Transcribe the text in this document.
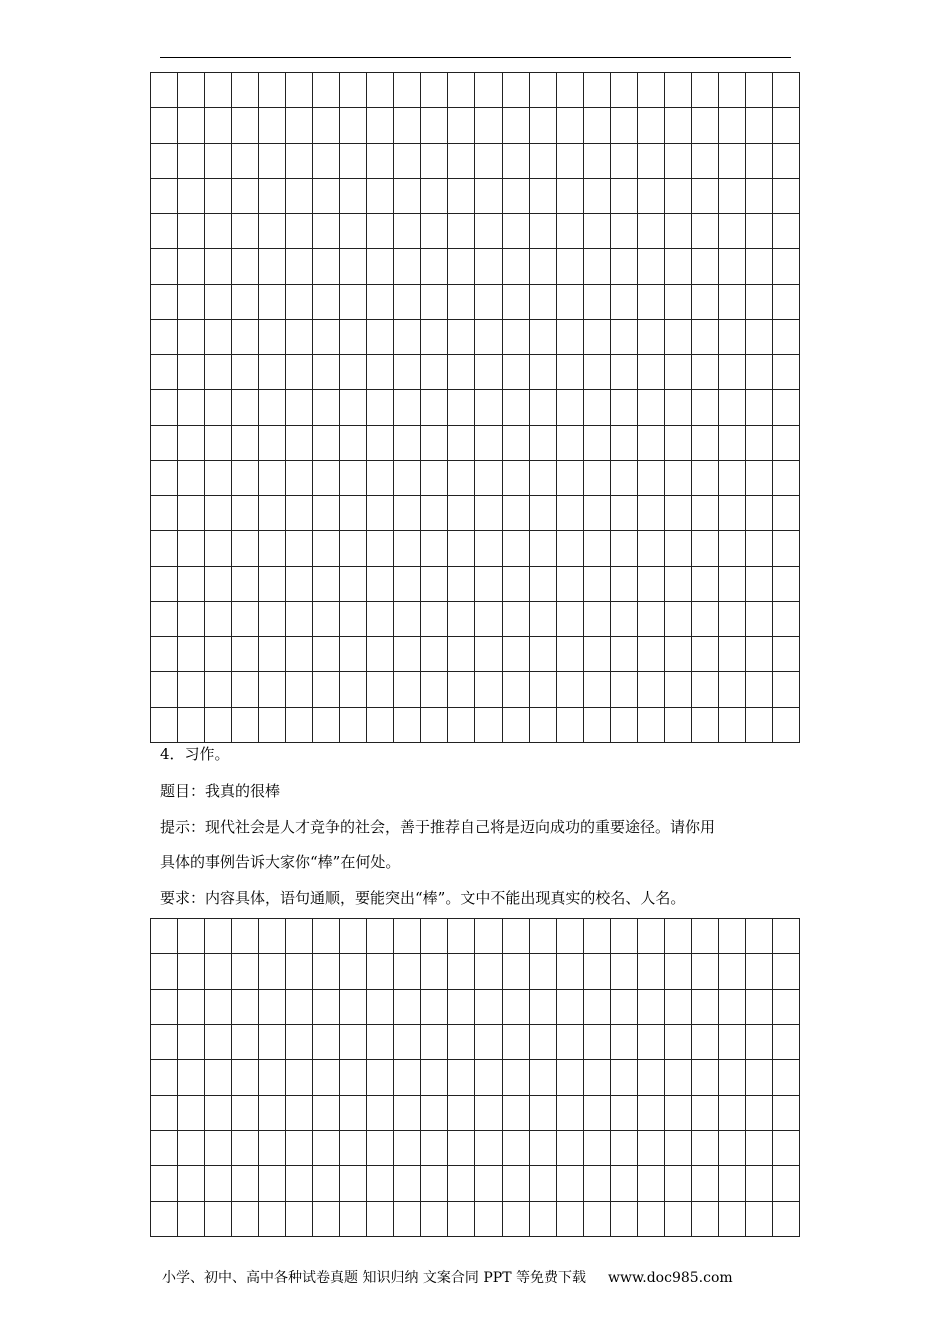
4．习作。
题目：我真的很棒
提示：现代社会是人才竞争的社会，善于推荐自己将是迈向成功的重要途径。请你用
具体的事例告诉大家你“棒”在何处。
要求：内容具体，语句通顺，要能突出“棒”。文中不能出现真实的校名、人名。
小学、初中、高中各种试卷真题 知识归纳 文案合同 PPT 等免费下载 www.doc985.com
